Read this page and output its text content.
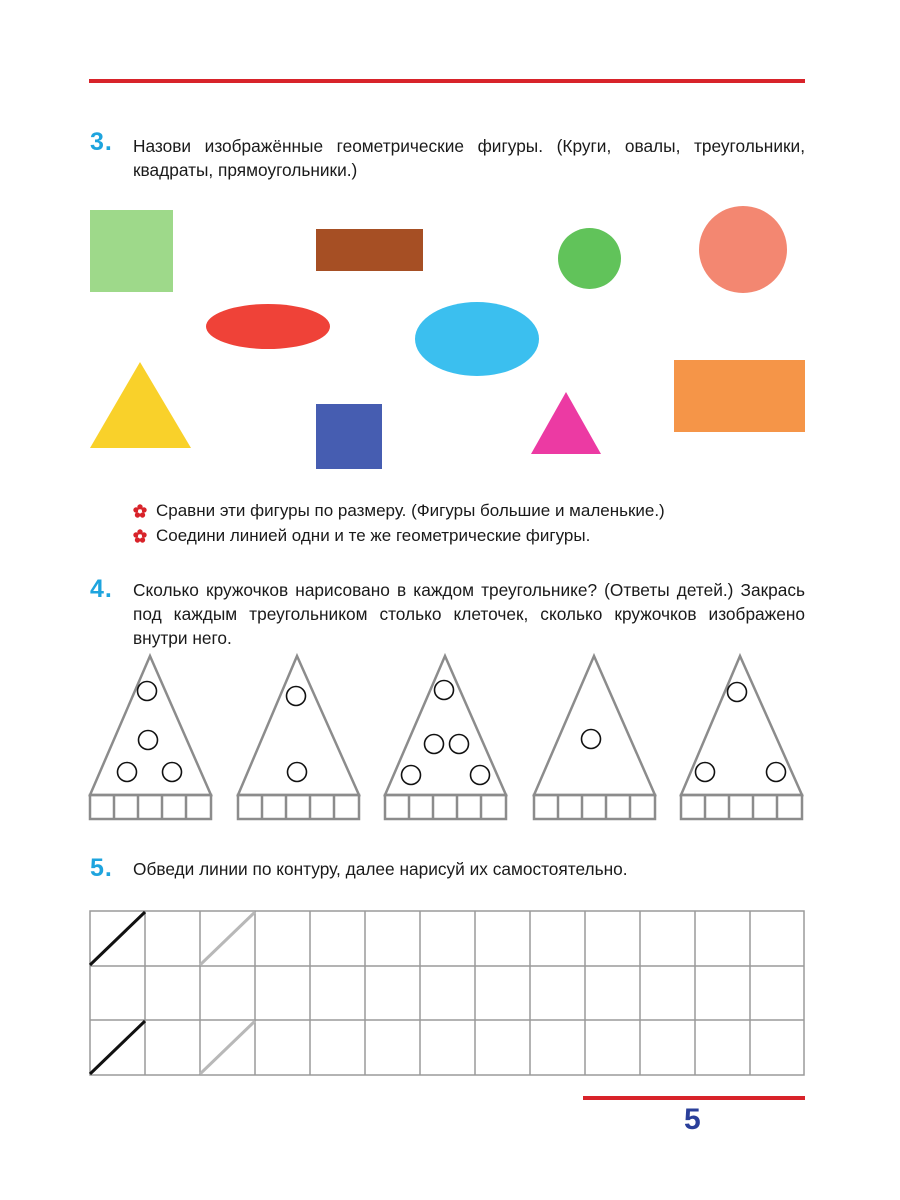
3. Назови изображённые геометрические фигуры. (Круги, овалы, треугольники, квадраты, прямоугольники.)
Сравни эти фигуры по размеру. (Фигуры большие и маленькие.)
Соедини линией одни и те же геометрические фигуры.
4. Сколько кружочков нарисовано в каждом треугольнике? (Ответы детей.) Закрась под каждым треугольником столько клеточек, сколько кружочков изображено внутри него.
5. Обведи линии по контуру, далее нарисуй их самостоятельно.
5
